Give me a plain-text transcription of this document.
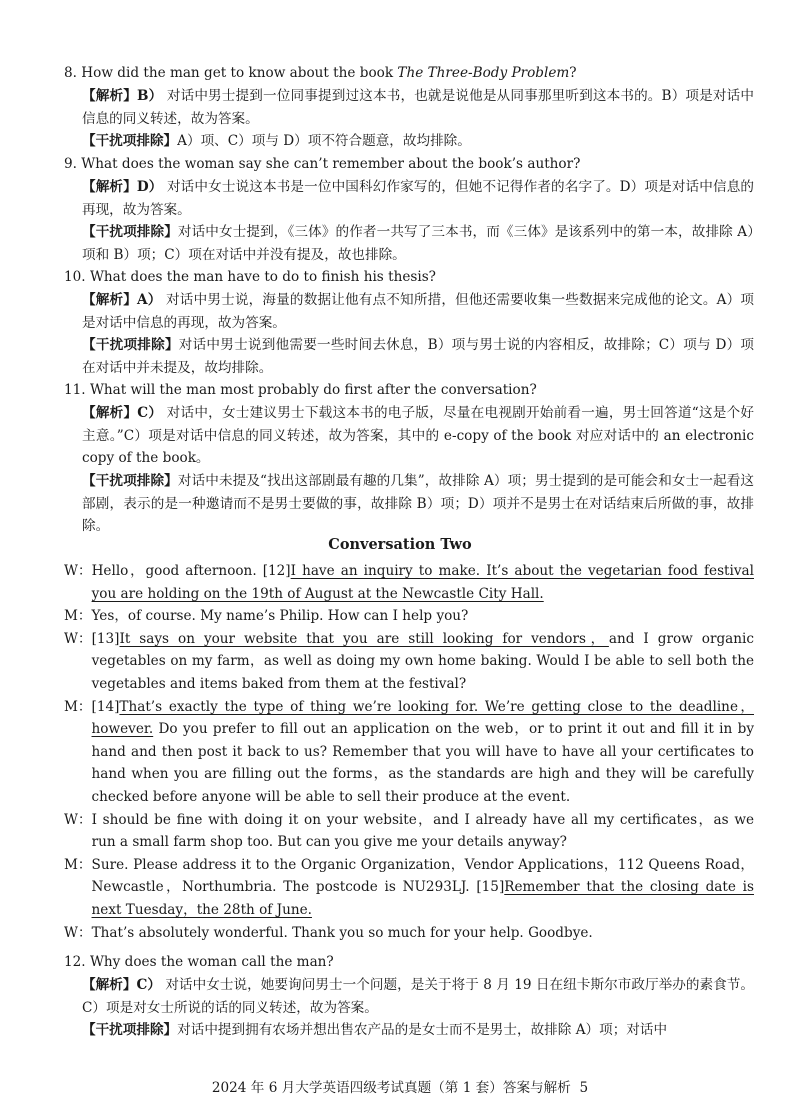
8. How did the man get to know about the book The Three-Body Problem?

【解析】B） 对话中男士提到一位同事提到过这本书，也就是说他是从同事那里听到这本书的。B）项是对话中信息的同义转述，故为答案。

【干扰项排除】A）项、C）项与 D）项不符合题意，故均排除。

9. What does the woman say she can’t remember about the book’s author?

【解析】D） 对话中女士说这本书是一位中国科幻作家写的，但她不记得作者的名字了。D）项是对话中信息的再现，故为答案。

【干扰项排除】对话中女士提到，《三体》的作者一共写了三本书，而《三体》是该系列中的第一本，故排除 A）项和 B）项；C）项在对话中并没有提及，故也排除。

10. What does the man have to do to finish his thesis?

【解析】A） 对话中男士说，海量的数据让他有点不知所措，但他还需要收集一些数据来完成他的论文。A）项是对话中信息的再现，故为答案。

【干扰项排除】对话中男士说到他需要一些时间去休息，B）项与男士说的内容相反，故排除；C）项与 D）项在对话中并未提及，故均排除。

11. What will the man most probably do first after the conversation?

【解析】C） 对话中，女士建议男士下载这本书的电子版，尽量在电视剧开始前看一遍，男士回答道“这是个好主意。”C）项是对话中信息的同义转述，故为答案，其中的 e-copy of the book 对应对话中的 an electronic copy of the book。

【干扰项排除】对话中未提及“找出这部剧最有趣的几集”，故排除 A）项；男士提到的是可能会和女士一起看这部剧，表示的是一种邀请而不是男士要做的事，故排除 B）项；D）项并不是男士在对话结束后所做的事，故排除。

Conversation Two
W： Hello，good afternoon. [12]I have an inquiry to make. It’s about the vegetarian food festival you are holding on the 19th of August at the Newcastle City Hall.
M： Yes，of course. My name’s Philip. How can I help you?
W： [13]It says on your website that you are still looking for vendors，and I grow organic vegetables on my farm，as well as doing my own home baking. Would I be able to sell both the vegetables and items baked from them at the festival?
M： [14]That’s exactly the type of thing we’re looking for. We’re getting close to the deadline，however. Do you prefer to fill out an application on the web，or to print it out and fill it in by hand and then post it back to us? Remember that you will have to have all your certificates to hand when you are filling out the forms，as the standards are high and they will be carefully checked before anyone will be able to sell their produce at the event.
W： I should be fine with doing it on your website，and I already have all my certificates，as we run a small farm shop too. But can you give me your details anyway?
M： Sure. Please address it to the Organic Organization，Vendor Applications，112 Queens Road，Newcastle，Northumbria. The postcode is NU293LJ. [15]Remember that the closing date is next Tuesday，the 28th of June.
W： That’s absolutely wonderful. Thank you so much for your help. Goodbye.

12. Why does the woman call the man?

【解析】C） 对话中女士说，她要询问男士一个问题，是关于将于 8 月 19 日在纽卡斯尔市政厅举办的素食节。C）项是对女士所说的话的同义转述，故为答案。

【干扰项排除】对话中提到拥有农场并想出售农产品的是女士而不是男士，故排除 A）项；对话中

2024 年 6 月大学英语四级考试真题（第 1 套）答案与解析 5
